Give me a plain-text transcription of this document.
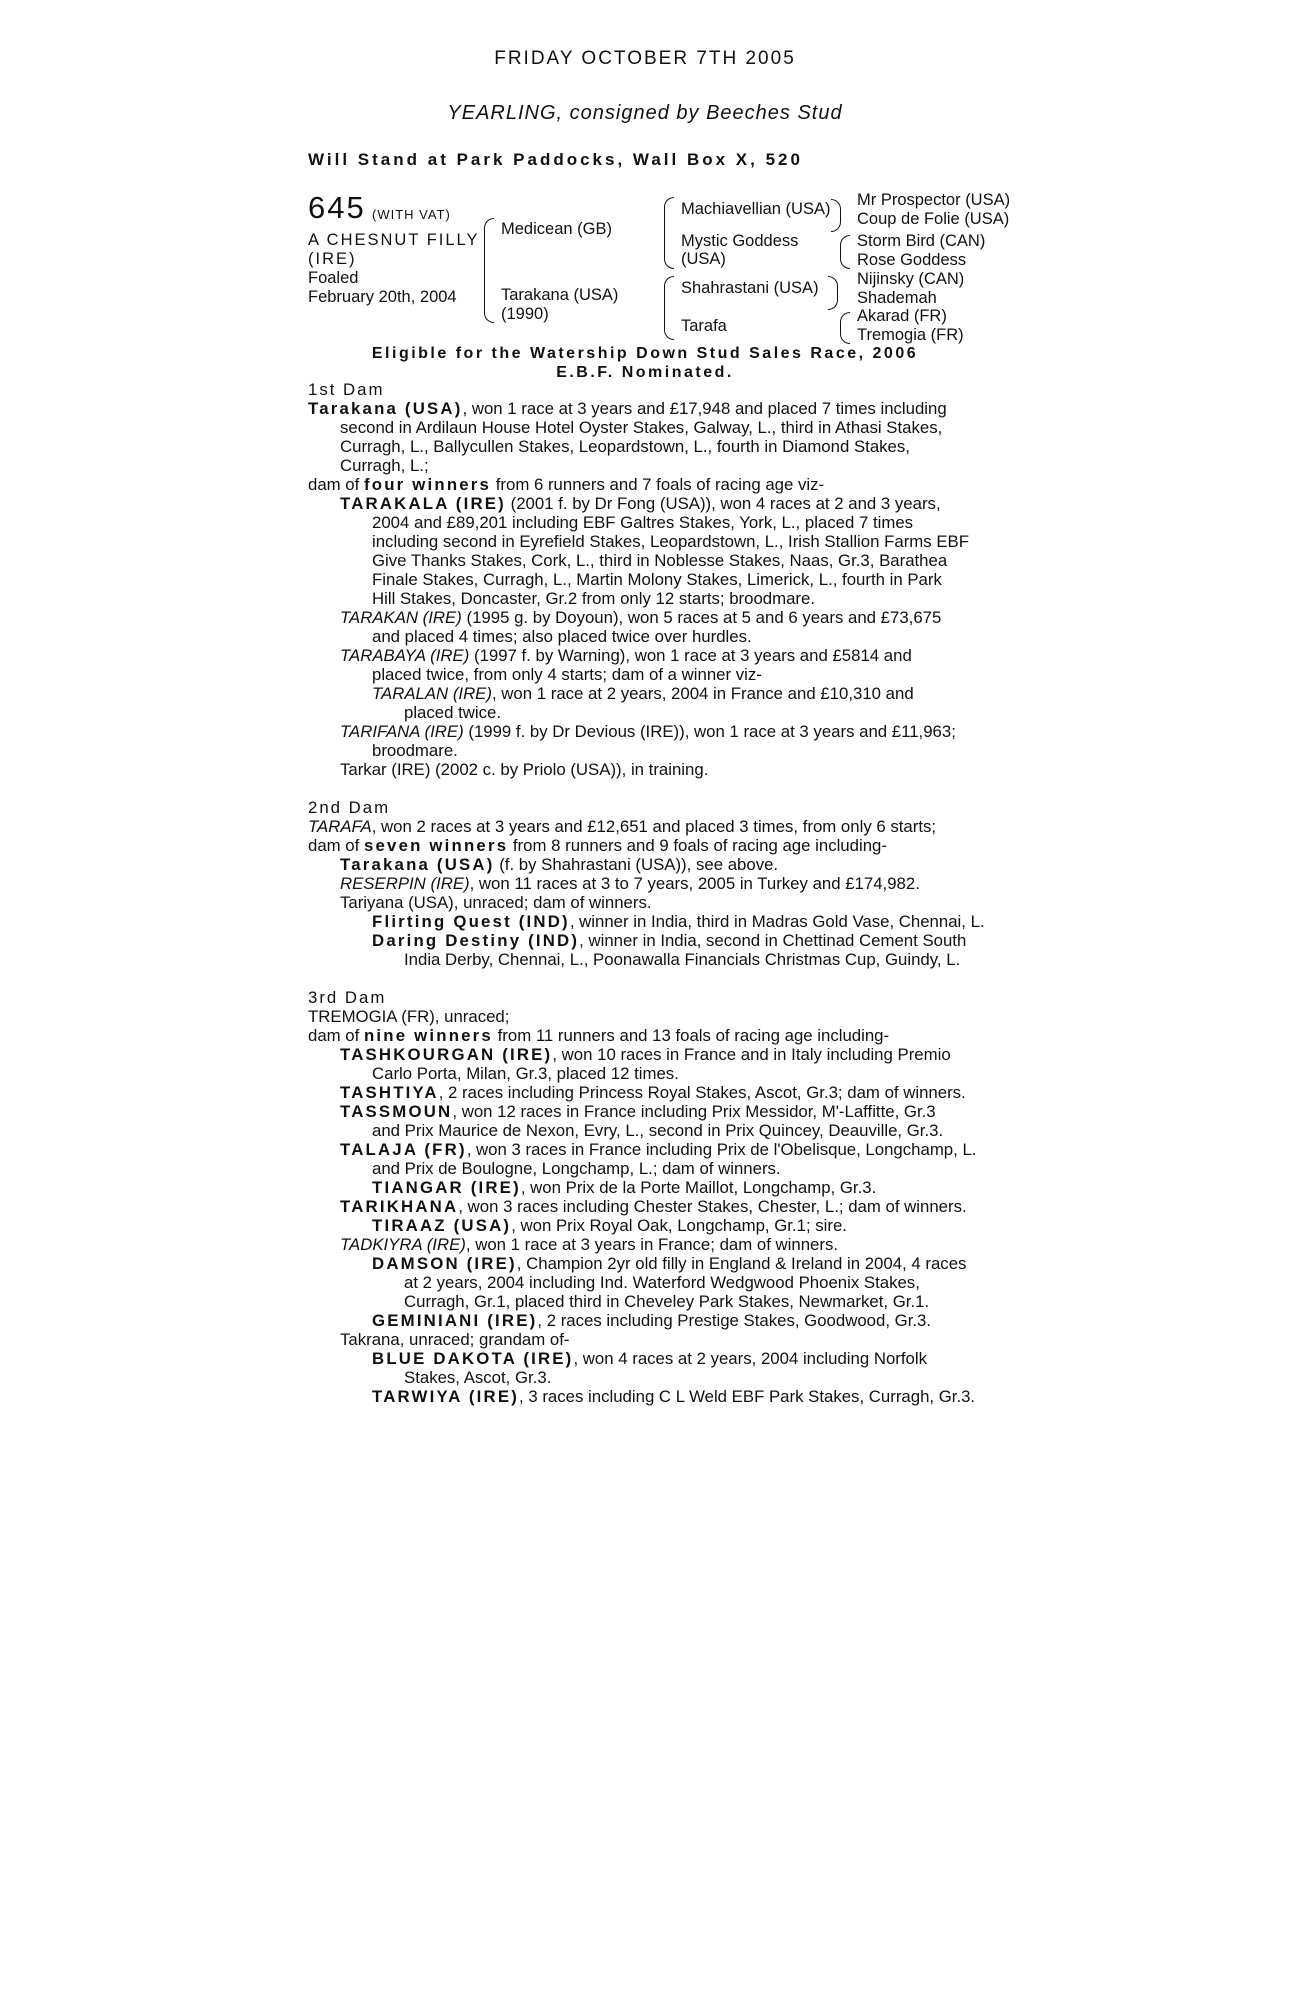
FRIDAY OCTOBER 7TH 2005
YEARLING, consigned by Beeches Stud
Will Stand at Park Paddocks, Wall Box X, 520
645 (WITH VAT)
A CHESNUT FILLY
(IRE)
Foaled
February 20th, 2004
Medicean (GB)
Tarakana (USA)
(1990)
Machiavellian (USA)
Mystic Goddess
(USA)
Shahrastani (USA)
Tarafa
Mr Prospector (USA)
Coup de Folie (USA)
Storm Bird (CAN)
Rose Goddess
Nijinsky (CAN)
Shademah
Akarad (FR)
Tremogia (FR)
Eligible for the Watership Down Stud Sales Race, 2006
E.B.F. Nominated.
1st Dam
Tarakana (USA), won 1 race at 3 years and £17,948 and placed 7 times including
second in Ardilaun House Hotel Oyster Stakes, Galway, L., third in Athasi Stakes,
Curragh, L., Ballycullen Stakes, Leopardstown, L., fourth in Diamond Stakes,
Curragh, L.;
dam of four winners from 6 runners and 7 foals of racing age viz-
TARAKALA (IRE) (2001 f. by Dr Fong (USA)), won 4 races at 2 and 3 years,
2004 and £89,201 including EBF Galtres Stakes, York, L., placed 7 times
including second in Eyrefield Stakes, Leopardstown, L., Irish Stallion Farms EBF
Give Thanks Stakes, Cork, L., third in Noblesse Stakes, Naas, Gr.3, Barathea
Finale Stakes, Curragh, L., Martin Molony Stakes, Limerick, L., fourth in Park
Hill Stakes, Doncaster, Gr.2 from only 12 starts; broodmare.
TARAKAN (IRE) (1995 g. by Doyoun), won 5 races at 5 and 6 years and £73,675
and placed 4 times; also placed twice over hurdles.
TARABAYA (IRE) (1997 f. by Warning), won 1 race at 3 years and £5814 and
placed twice, from only 4 starts; dam of a winner viz-
TARALAN (IRE), won 1 race at 2 years, 2004 in France and £10,310 and
placed twice.
TARIFANA (IRE) (1999 f. by Dr Devious (IRE)), won 1 race at 3 years and £11,963;
broodmare.
Tarkar (IRE) (2002 c. by Priolo (USA)), in training.
2nd Dam
TARAFA, won 2 races at 3 years and £12,651 and placed 3 times, from only 6 starts;
dam of seven winners from 8 runners and 9 foals of racing age including-
Tarakana (USA) (f. by Shahrastani (USA)), see above.
RESERPIN (IRE), won 11 races at 3 to 7 years, 2005 in Turkey and £174,982.
Tariyana (USA), unraced; dam of winners.
Flirting Quest (IND), winner in India, third in Madras Gold Vase, Chennai, L.
Daring Destiny (IND), winner in India, second in Chettinad Cement South
India Derby, Chennai, L., Poonawalla Financials Christmas Cup, Guindy, L.
3rd Dam
TREMOGIA (FR), unraced;
dam of nine winners from 11 runners and 13 foals of racing age including-
TASHKOURGAN (IRE), won 10 races in France and in Italy including Premio
Carlo Porta, Milan, Gr.3, placed 12 times.
TASHTIYA, 2 races including Princess Royal Stakes, Ascot, Gr.3; dam of winners.
TASSMOUN, won 12 races in France including Prix Messidor, M'-Laffitte, Gr.3
and Prix Maurice de Nexon, Evry, L., second in Prix Quincey, Deauville, Gr.3.
TALAJA (FR), won 3 races in France including Prix de l'Obelisque, Longchamp, L.
and Prix de Boulogne, Longchamp, L.; dam of winners.
TIANGAR (IRE), won Prix de la Porte Maillot, Longchamp, Gr.3.
TARIKHANA, won 3 races including Chester Stakes, Chester, L.; dam of winners.
TIRAAZ (USA), won Prix Royal Oak, Longchamp, Gr.1; sire.
TADKIYRA (IRE), won 1 race at 3 years in France; dam of winners.
DAMSON (IRE), Champion 2yr old filly in England & Ireland in 2004, 4 races
at 2 years, 2004 including Ind. Waterford Wedgwood Phoenix Stakes,
Curragh, Gr.1, placed third in Cheveley Park Stakes, Newmarket, Gr.1.
GEMINIANI (IRE), 2 races including Prestige Stakes, Goodwood, Gr.3.
Takrana, unraced; grandam of-
BLUE DAKOTA (IRE), won 4 races at 2 years, 2004 including Norfolk
Stakes, Ascot, Gr.3.
TARWIYA (IRE), 3 races including C L Weld EBF Park Stakes, Curragh, Gr.3.
